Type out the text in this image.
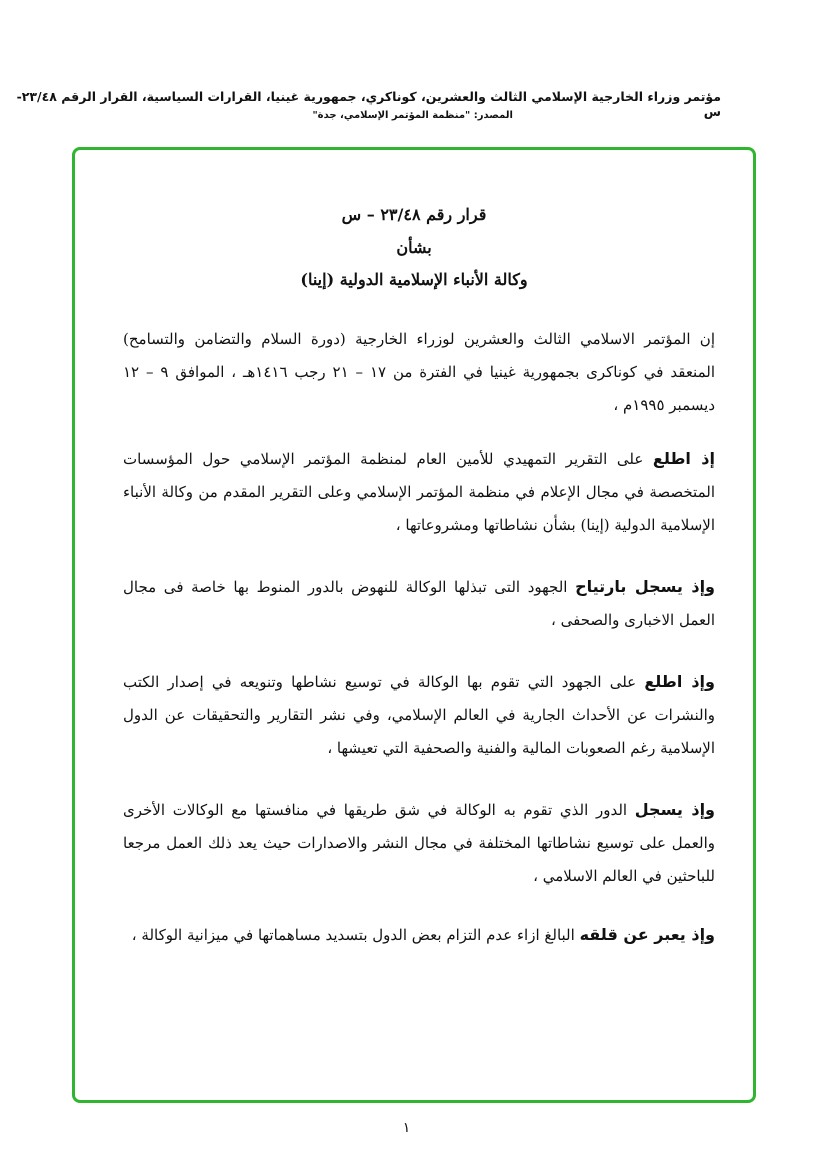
مؤتمر وزراء الخارجية الإسلامي الثالث والعشرين، كوناكري، جمهورية غينيا، القرارات السياسية، القرار الرقم ٢٣/٤٨-س
المصدر: "منظمة المؤتمر الإسلامي، جدة"
قرار رقم ٢٣/٤٨ – س
بشأن
وكالة الأنباء الإسلامية الدولية (إينا)

إن المؤتمر الاسلامي الثالث والعشرين لوزراء الخارجية (دورة السلام والتضامن والتسامح) المنعقد في كوناكرى بجمهورية غينيا في الفترة من ١٧ – ٢١ رجب ١٤١٦هـ ، الموافق ٩ – ١٢ ديسمبر ١٩٩٥م ،

إذ اطلع على التقرير التمهيدي للأمين العام لمنظمة المؤتمر الإسلامي حول المؤسسات المتخصصة في مجال الإعلام في منظمة المؤتمر الإسلامي وعلى التقرير المقدم من وكالة الأنباء الإسلامية الدولية (إينا) بشأن نشاطاتها ومشروعاتها ،

وإذ يسجل بارتياح الجهود التى تبذلها الوكالة للنهوض بالدور المنوط بها خاصة فى مجال العمل الاخبارى والصحفى ،

وإذ اطلع على الجهود التي تقوم بها الوكالة في توسيع نشاطها وتنويعه في إصدار الكتب والنشرات عن الأحداث الجارية في العالم الإسلامي، وفي نشر التقارير والتحقيقات عن الدول الإسلامية رغم الصعوبات المالية والفنية والصحفية التي تعيشها ،

وإذ يسجل الدور الذي تقوم به الوكالة في شق طريقها في منافستها مع الوكالات الأخرى والعمل على توسيع نشاطاتها المختلفة في مجال النشر والاصدارات حيث يعد ذلك العمل مرجعا للباحثين في العالم الاسلامي ،

وإذ يعبر عن قلقه البالغ ازاء عدم التزام بعض الدول بتسديد مساهماتها في ميزانية الوكالة ،

١
